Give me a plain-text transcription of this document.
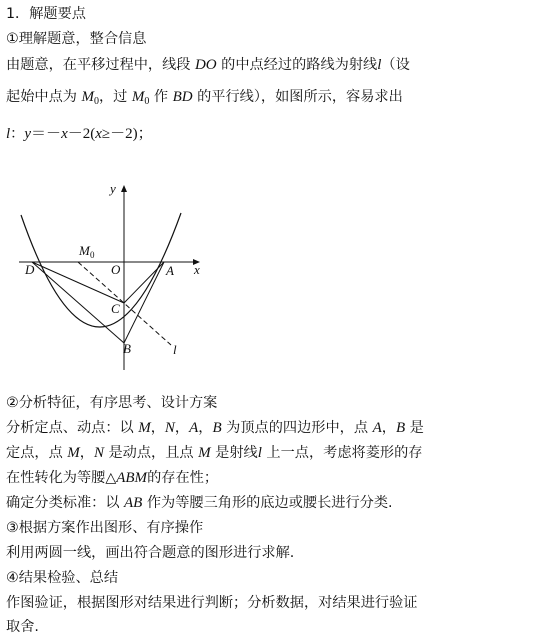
1．解题要点
①理解题意，整合信息
由题意，在平移过程中，线段 DO 的中点经过的路线为射线l（设
起始中点为 $M_0$，过 $M_0$ 作 BD 的平行线），如图所示，容易求出
l：y＝－x－2(x≥－2)；
y
x
D	O	A
C
B
M 0
l
②分析特征，有序思考、设计方案
分析定点、动点：以 M，N，A，B 为顶点的四边形中，点 A，B 是
定点，点 M，N 是动点，且点 M 是射线l 上一点，考虑将菱形的存
在性转化为等腰△ABM的存在性；
确定分类标准：以 AB 作为等腰三角形的底边或腰长进行分类.
③根据方案作出图形、有序操作
利用两圆一线，画出符合题意的图形进行求解.
④结果检验、总结
作图验证，根据图形对结果进行判断；分析数据，对结果进行验证
取舍.
